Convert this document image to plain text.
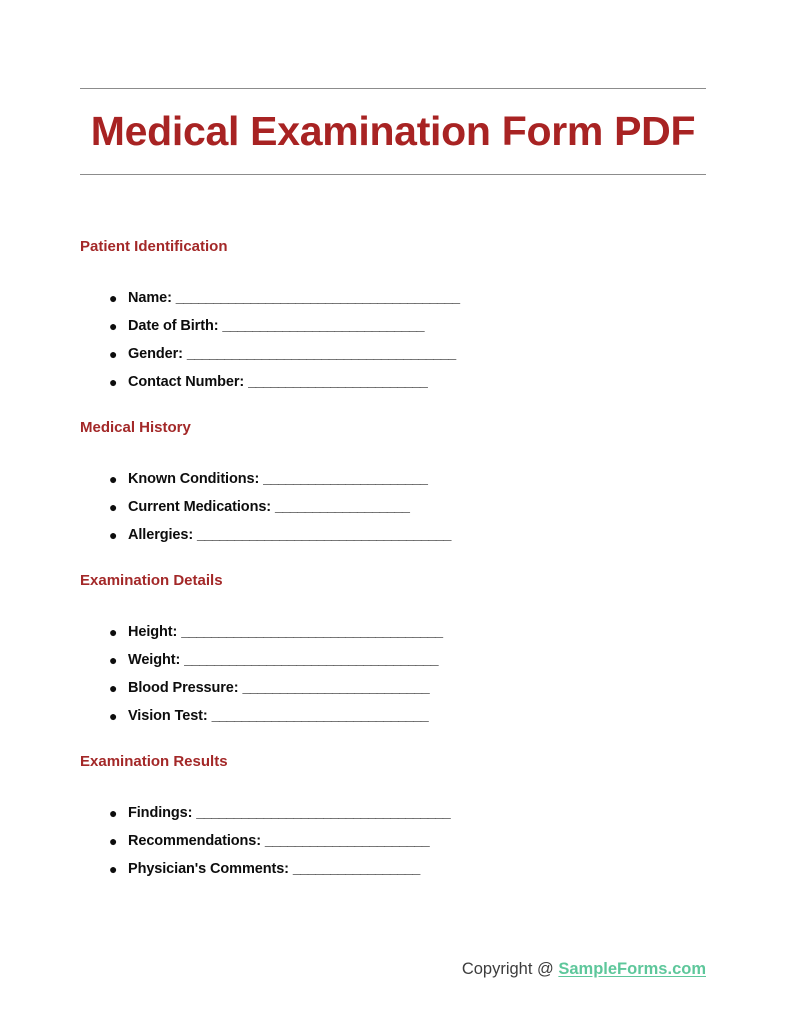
Medical Examination Form PDF
Patient Identification
● Name: ______________________________________
● Date of Birth: ___________________________
● Gender: ____________________________________
● Contact Number: ________________________
Medical History
● Known Conditions: ______________________
● Current Medications: __________________
● Allergies: __________________________________
Examination Details
● Height: ___________________________________
● Weight: __________________________________
● Blood Pressure: _________________________
● Vision Test: _____________________________
Examination Results
● Findings: __________________________________
● Recommendations: ______________________
● Physician's Comments: _________________
Copyright @ SampleForms.com
